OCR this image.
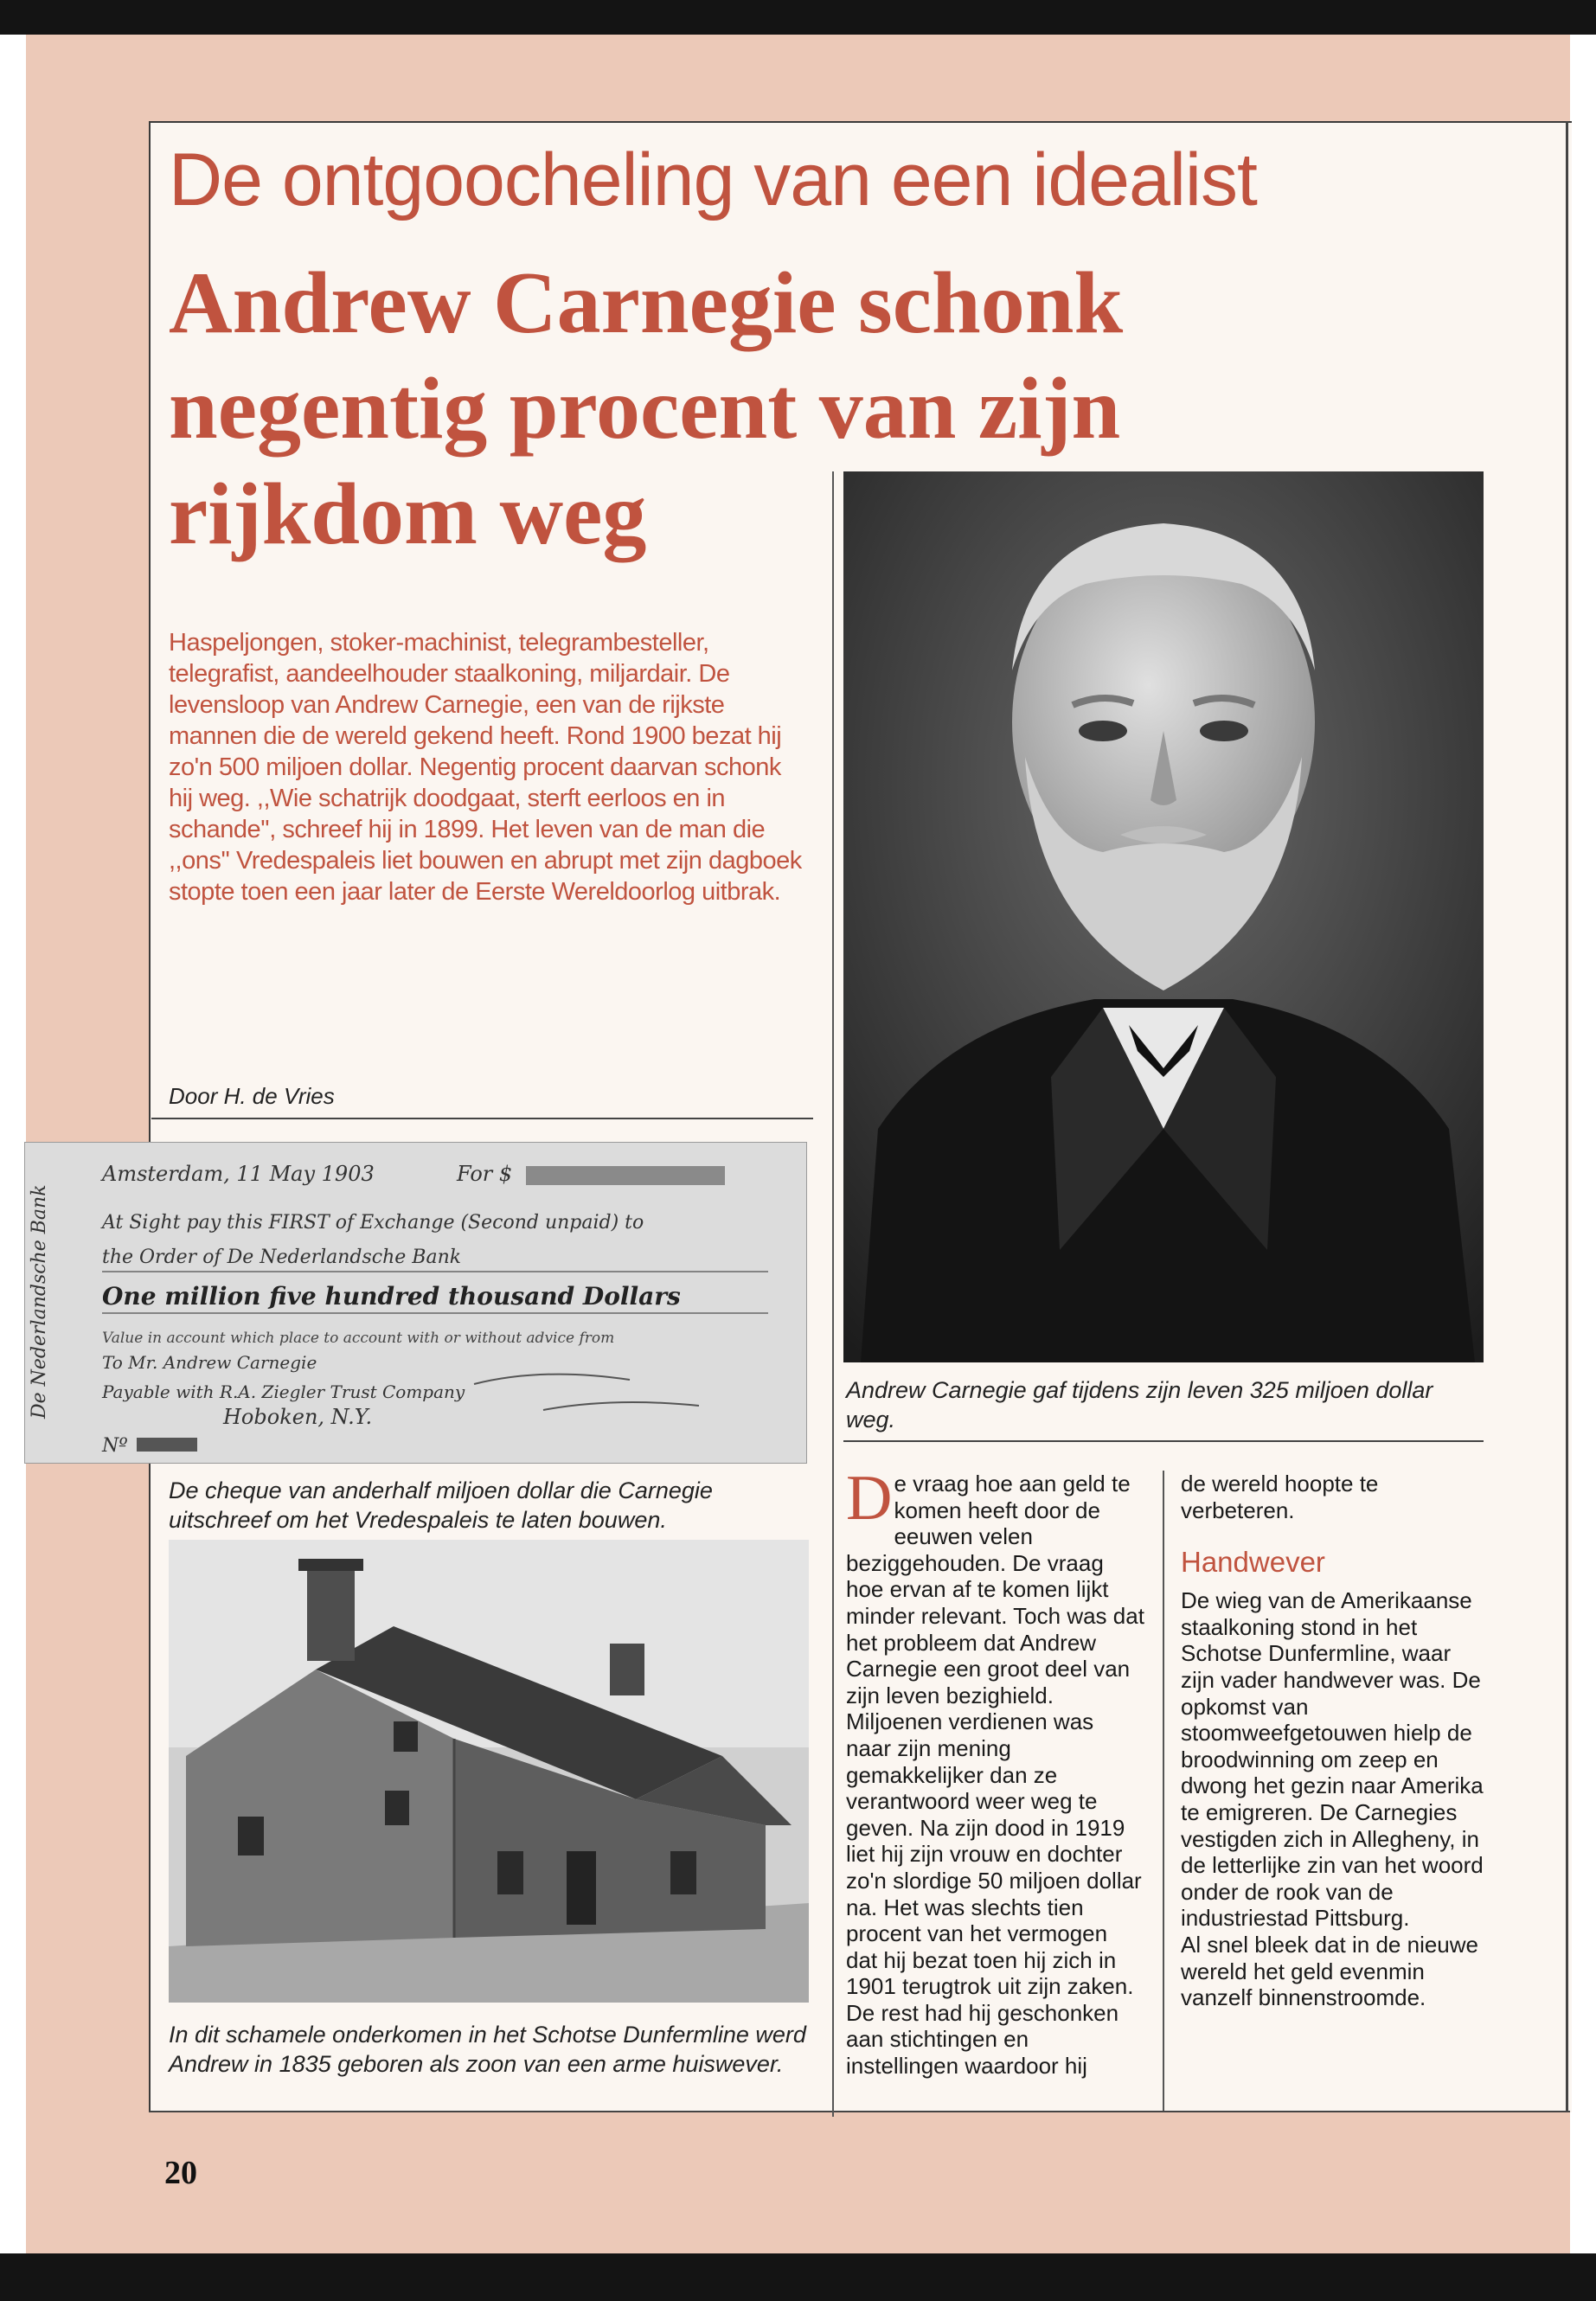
De ontgoocheling van een idealist
Andrew Carnegie schonk negentig procent van zijn rijkdom weg
Haspeljongen, stoker-machinist, telegrambesteller, telegrafist, aandeelhouder staalkoning, miljardair. De levensloop van Andrew Carnegie, een van de rijkste mannen die de wereld gekend heeft. Rond 1900 bezat hij zo'n 500 miljoen dollar. Negentig procent daarvan schonk hij weg. ,,Wie schatrijk doodgaat, sterft eerloos en in schande'', schreef hij in 1899. Het leven van de man die ,,ons'' Vredespaleis liet bouwen en abrupt met zijn dagboek stopte toen een jaar later de Eerste Wereldoorlog uitbrak.
Door H. de Vries
Andrew Carnegie gaf tijdens zijn leven 325 miljoen dollar weg.
De Nederlandsche Bank
Amsterdam, 11 May 1903	For $
At Sight pay this FIRST of Exchange (Second unpaid) to
the Order of De Nederlandsche Bank
One million five hundred thousand Dollars
Value in account which place to account with or without advice from
To Mr. Andrew Carnegie
Payable with R.A. Ziegler Trust Company
Hoboken, N.Y.
Nº
De cheque van anderhalf miljoen dollar die Carnegie uitschreef om het Vredespaleis te laten bouwen.
In dit schamele onderkomen in het Schotse Dunfermline werd Andrew in 1835 geboren als zoon van een arme huiswever.
D e vraag hoe aan geld te komen heeft door de eeuwen velen beziggehouden. De vraag hoe ervan af te komen lijkt minder relevant. Toch was dat het probleem dat Andrew Carnegie een groot deel van zijn leven bezighield. Miljoenen verdienen was naar zijn mening gemakkelijker dan ze verantwoord weer weg te geven. Na zijn dood in 1919 liet hij zijn vrouw en dochter zo'n slordige 50 miljoen dollar na. Het was slechts tien procent van het vermogen dat hij bezat toen hij zich in 1901 terugtrok uit zijn zaken. De rest had hij geschonken aan stichtingen en instellingen waardoor hij

de wereld hoopte te verbeteren.

Handwever

De wieg van de Amerikaanse staalkoning stond in het Schotse Dunfermline, waar zijn vader handwever was. De opkomst van stoomweefgetouwen hielp de broodwinning om zeep en dwong het gezin naar Amerika te emigreren. De Carnegies vestigden zich in Allegheny, in de letterlijke zin van het woord onder de rook van de industriestad Pittsburg.

Al snel bleek dat in de nieuwe wereld het geld evenmin vanzelf binnenstroomde.

20
